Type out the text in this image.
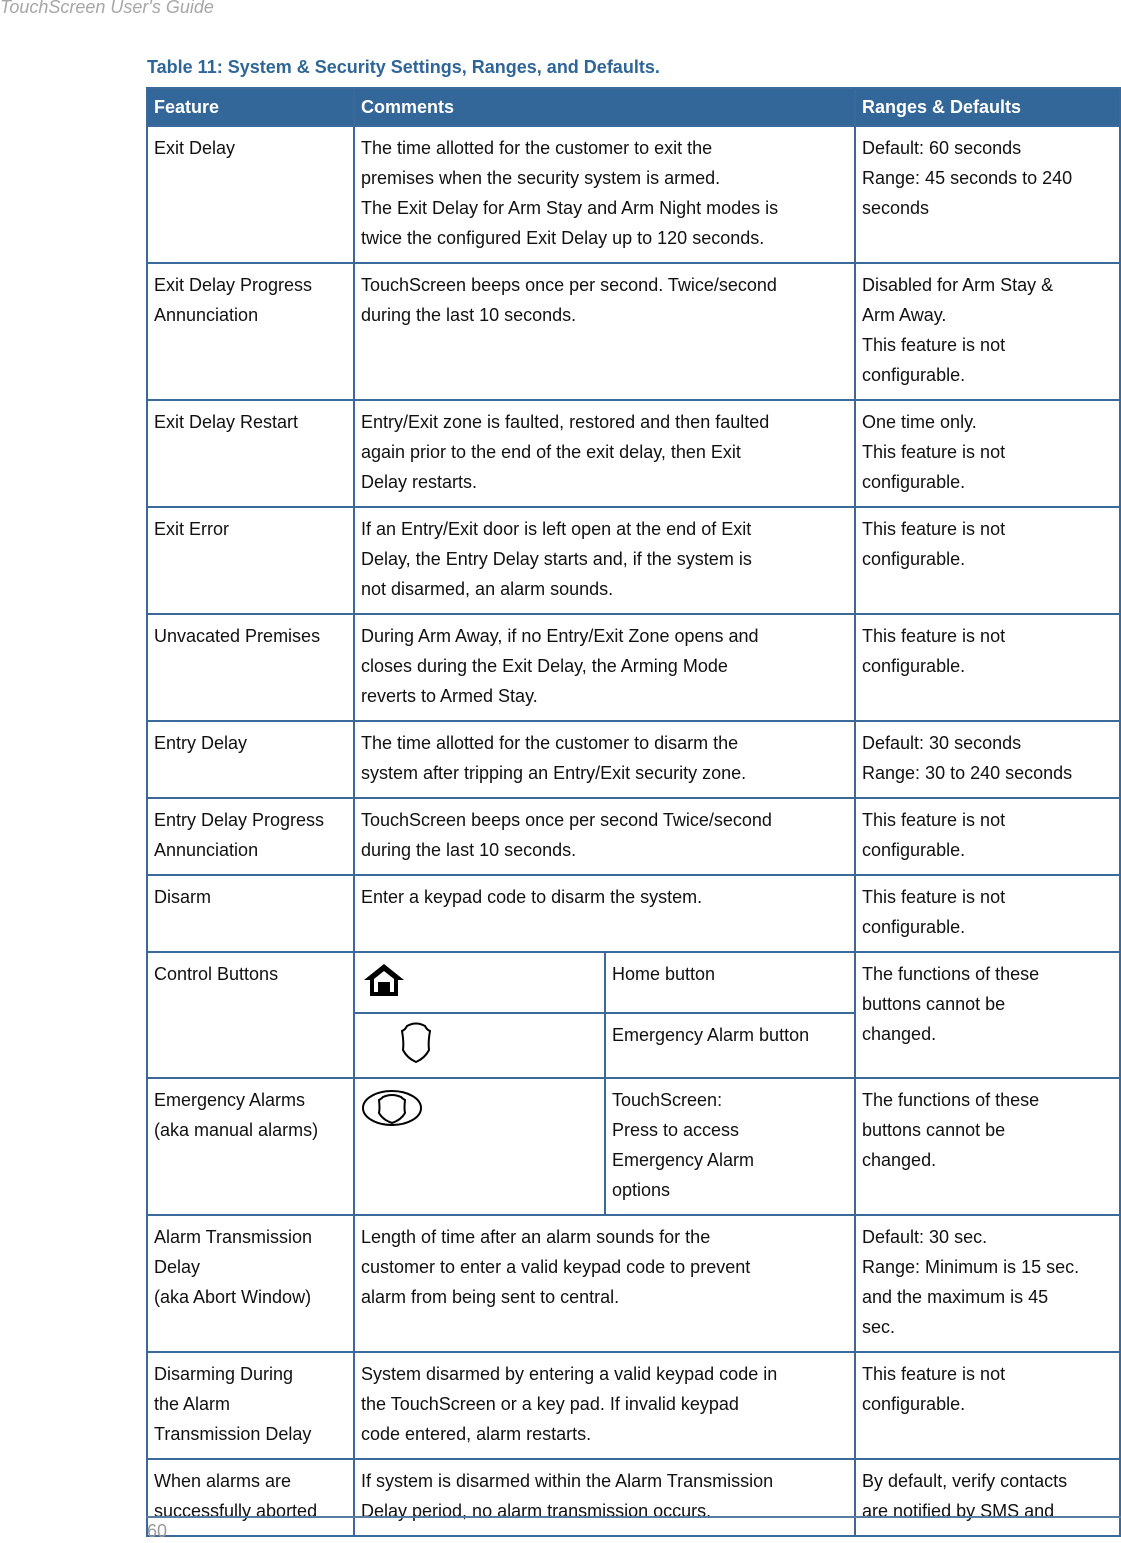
TouchScreen User's Guide
Table 11: System & Security Settings, Ranges, and Defaults.
Feature	Comments		Ranges & Defaults

Exit Delay	The time allotted for the customer to exit the
premises when the security system is armed.
The Exit Delay for Arm Stay and Arm Night modes is
twice the configured Exit Delay up to 120 seconds.		Default: 60 seconds
Range: 45 seconds to 240
seconds

Exit Delay Progress
Annunciation	TouchScreen beeps once per second. Twice/second
during the last 10 seconds.		Disabled for Arm Stay &
Arm Away.
This feature is not
configurable.

Exit Delay Restart	Entry/Exit zone is faulted, restored and then faulted
again prior to the end of the exit delay, then Exit
Delay restarts.		One time only.
This feature is not
configurable.

Exit Error	If an Entry/Exit door is left open at the end of Exit
Delay, the Entry Delay starts and, if the system is
not disarmed, an alarm sounds.		This feature is not
configurable.

Unvacated Premises	During Arm Away, if no Entry/Exit Zone opens and
closes during the Exit Delay, the Arming Mode
reverts to Armed Stay.		This feature is not
configurable.

Entry Delay	The time allotted for the customer to disarm the
system after tripping an Entry/Exit security zone.		Default: 30 seconds
Range: 30 to 240 seconds

Entry Delay Progress
Annunciation	TouchScreen beeps once per second Twice/second
during the last 10 seconds.		This feature is not
configurable.

Disarm	Enter a keypad code to disarm the system.		This feature is not
configurable.

Control Buttons		Home button	The functions of these
buttons cannot be
changed.

	Emergency Alarm button	

Emergency Alarms
(aka manual alarms)		TouchScreen:
Press to access
Emergency Alarm
options	The functions of these
buttons cannot be
changed.

Alarm Transmission
Delay
(aka Abort Window)	Length of time after an alarm sounds for the
customer to enter a valid keypad code to prevent
alarm from being sent to central.		Default: 30 sec.
Range: Minimum is 15 sec.
and the maximum is 45
sec.

Disarming During
the Alarm
Transmission Delay	System disarmed by entering a valid keypad code in
the TouchScreen or a key pad. If invalid keypad
code entered, alarm restarts.		This feature is not
configurable.

When alarms are
successfully aborted	If system is disarmed within the Alarm Transmission
Delay period, no alarm transmission occurs.		By default, verify contacts
are notified by SMS and
60
